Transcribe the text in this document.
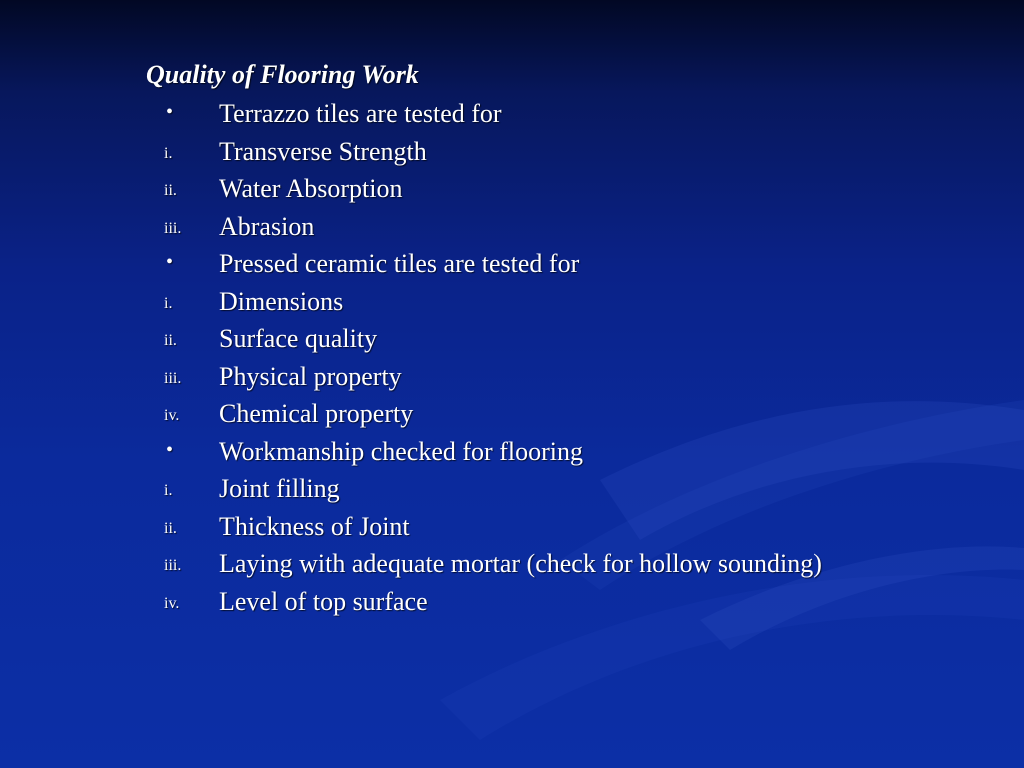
Quality of Flooring Work
• Terrazzo tiles are tested for
i. Transverse Strength
ii. Water Absorption
iii. Abrasion
• Pressed ceramic tiles are tested for
i. Dimensions
ii. Surface quality
iii. Physical property
iv. Chemical property
• Workmanship checked for flooring
i. Joint filling
ii. Thickness of Joint
iii. Laying with adequate mortar (check for hollow sounding)
iv. Level of top surface
